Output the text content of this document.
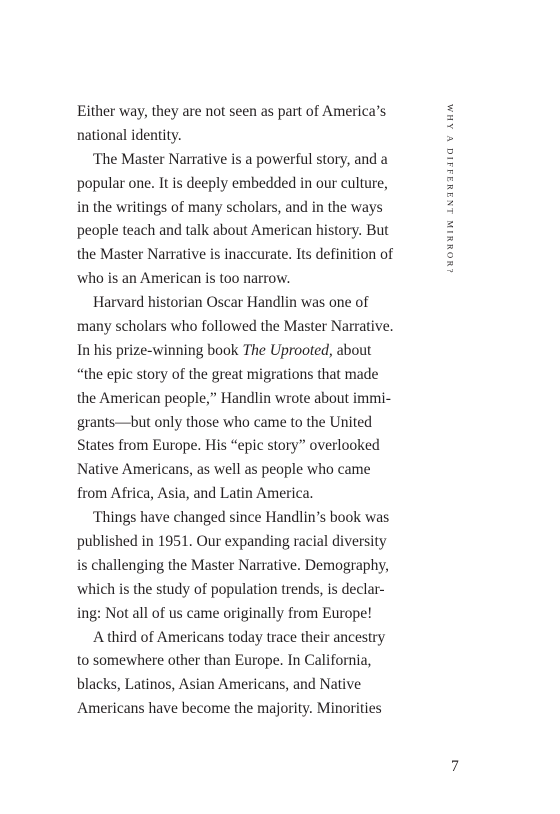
WHY A DIFFERENT MIRROR?
Either way, they are not seen as part of America’s
national identity.
The Master Narrative is a powerful story, and a
popular one. It is deeply embedded in our culture,
in the writings of many scholars, and in the ways
people teach and talk about American history. But
the Master Narrative is inaccurate. Its definition of
who is an American is too narrow.
Harvard historian Oscar Handlin was one of
many scholars who followed the Master Narrative.
In his prize-winning book The Uprooted, about
“the epic story of the great migrations that made
the American people,” Handlin wrote about immi-
grants—but only those who came to the United
States from Europe. His “epic story” overlooked
Native Americans, as well as people who came
from Africa, Asia, and Latin America.
Things have changed since Handlin’s book was
published in 1951. Our expanding racial diversity
is challenging the Master Narrative. Demography,
which is the study of population trends, is declar-
ing: Not all of us came originally from Europe!
A third of Americans today trace their ancestry
to somewhere other than Europe. In California,
blacks, Latinos, Asian Americans, and Native
Americans have become the majority. Minorities
7
